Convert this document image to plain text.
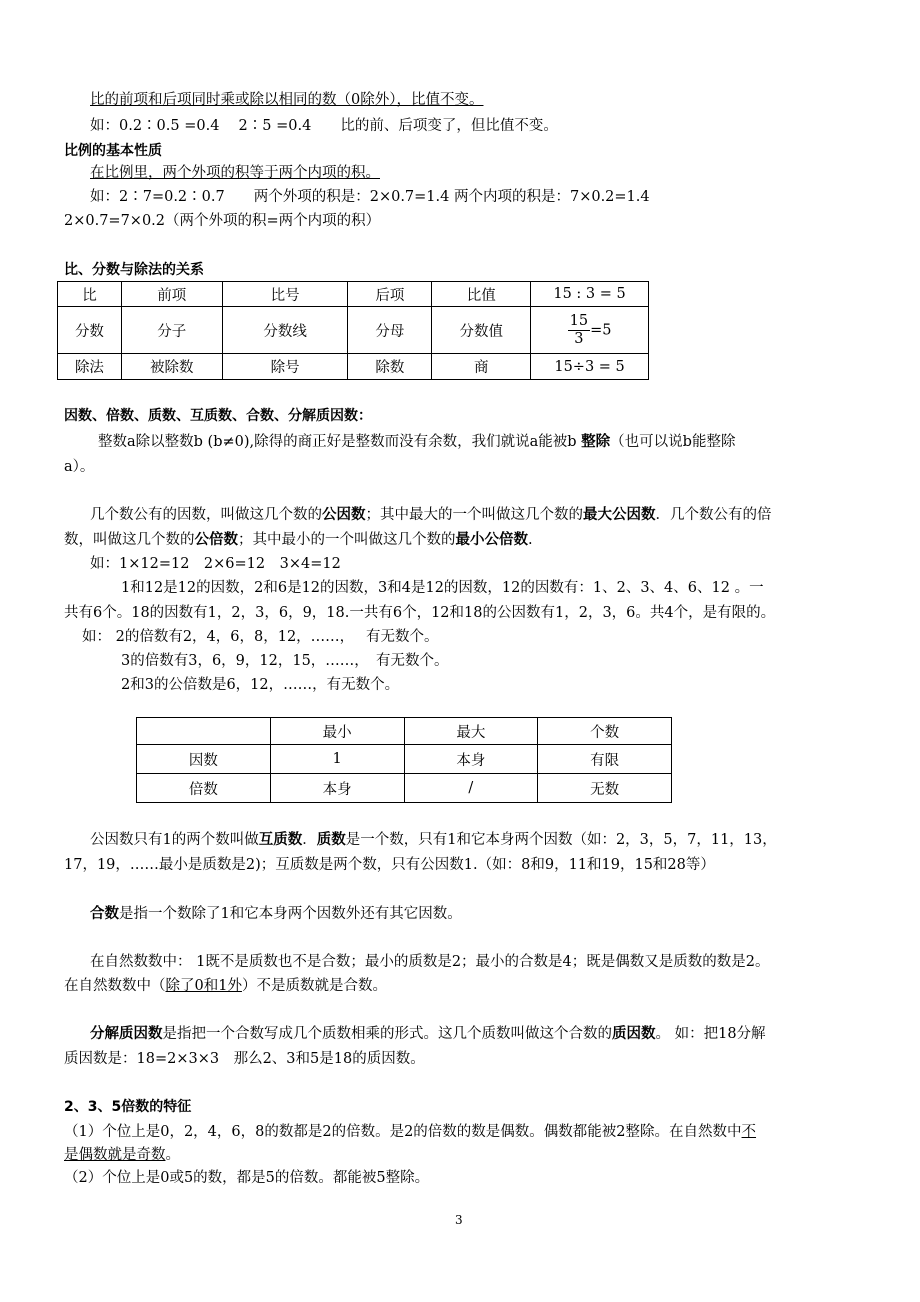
比的前项和后项同时乘或除以相同的数（0除外），比值不变。
如：0.2∶0.5 =0.4　 2∶5 =0.4　　比的前、后项变了，但比值不变。
比例的基本性质
在比例里，两个外项的积等于两个内项的积。
如：2∶7=0.2∶0.7　　两个外项的积是：2×0.7=1.4 两个内项的积是：7×0.2=1.4
2×0.7=7×0.2（两个外项的积=两个内项的积）
比、分数与除法的关系
比	前项	比号	后项	比值	15 : 3 = 5
分数	分子	分数线	分母	分数值	$\frac{15}{3} =5$
除法	被除数	除号	除数	商	15÷3 = 5
因数、倍数、质数、互质数、合数、分解质因数：
整数a除以整数b (b≠0),除得的商正好是整数而没有余数，我们就说a能被b 整除（也可以说b能整除
a）。
几个数公有的因数，叫做这几个数的公因数；其中最大的一个叫做这几个数的最大公因数．几个数公有的倍
数，叫做这几个数的公倍数；其中最小的一个叫做这几个数的最小公倍数.
如：1×12=12　2×6=12　3×4=12
1和12是12的因数，2和6是12的因数，3和4是12的因数，12的因数有：1、2、3、4、6、12 。一
共有6个。18的因数有1，2，3，6，9，18.一共有6个，12和18的公因数有1，2，3，6。共4个，是有限的。
如： 2的倍数有2，4，6，8，12，……，　 有无数个。
3的倍数有3，6，9，12，15，……，　有无数个。
2和3的公倍数是6，12，……，有无数个。
	最小	最大	个数
因数	1	本身	有限
倍数	本身	/	无数
公因数只有1的两个数叫做互质数．质数是一个数，只有1和它本身两个因数（如：2，3，5，7，11，13，
17，19，……最小是质数是2)；互质数是两个数，只有公因数1.（如：8和9，11和19，15和28等）
合数是指一个数除了1和它本身两个因数外还有其它因数。
在自然数数中： 1既不是质数也不是合数；最小的质数是2；最小的合数是4；既是偶数又是质数的数是2。
在自然数数中（除了0和1外）不是质数就是合数。
分解质因数是指把一个合数写成几个质数相乘的形式。这几个质数叫做这个合数的质因数。 如：把18分解
质因数是：18=2×3×3　那么2、3和5是18的质因数。
2、3、5倍数的特征
（1）个位上是0，2，4，6，8的数都是2的倍数。是2的倍数的数是偶数。偶数都能被2整除。在自然数中不
是偶数就是奇数。
（2）个位上是0或5的数，都是5的倍数。都能被5整除。
3
